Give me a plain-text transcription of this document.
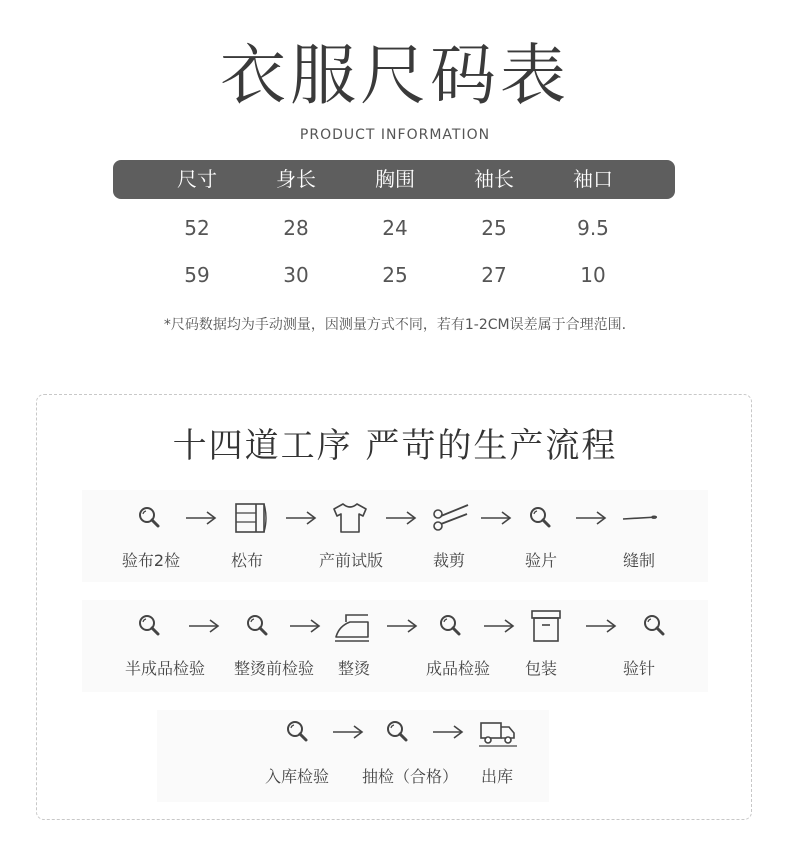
衣服尺码表
PRODUCT INFORMATION
尺寸	身长	胸围	袖长	袖口
52	28	24	25	9.5
59	30	25	27	10
*尺码数据均为手动测量，因测量方式不同，若有1-2CM误差属于合理范围.
十四道工序 严苛的生产流程
验布2检	松布	产前试版	裁剪	验片	缝制
半成品检验	整烫前检验	整烫	成品检验	包装	验针
入库检验	抽检（合格）	出库
